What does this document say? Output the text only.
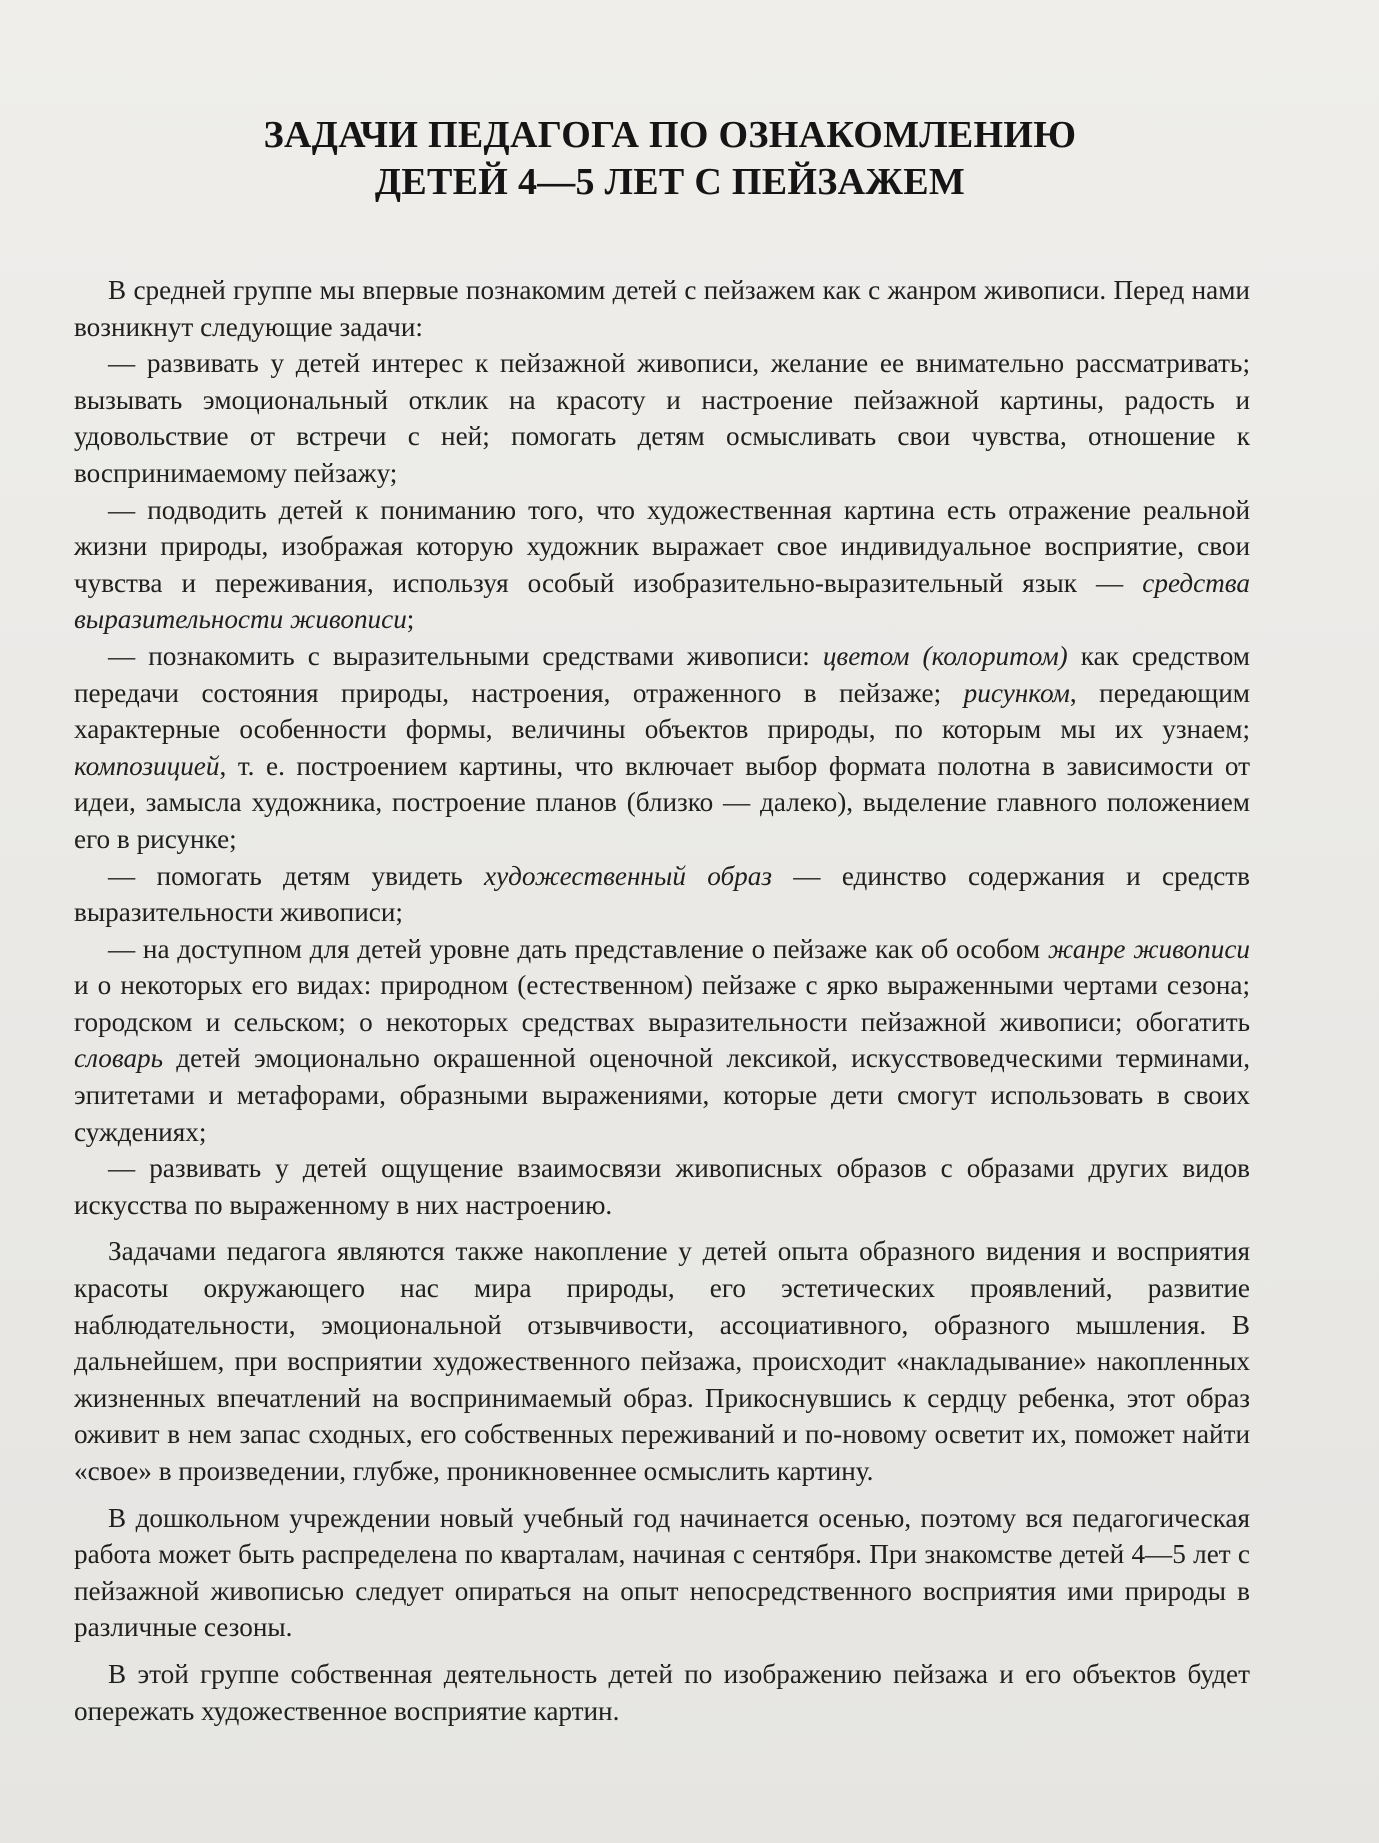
ЗАДАЧИ ПЕДАГОГА ПО ОЗНАКОМЛЕНИЮ
ДЕТЕЙ 4—5 ЛЕТ С ПЕЙЗАЖЕМ

В средней группе мы впервые познакомим детей с пейзажем как с жанром живописи. Перед нами возникнут следующие задачи:

— развивать у детей интерес к пейзажной живописи, желание ее внимательно рассматривать; вызывать эмоциональный отклик на красоту и настроение пейзажной картины, радость и удовольствие от встречи с ней; помогать детям осмысливать свои чувства, отношение к воспринимаемому пейзажу;

— подводить детей к пониманию того, что художественная картина есть отражение реальной жизни природы, изображая которую художник выражает свое индивидуальное восприятие, свои чувства и переживания, используя особый изобразительно-выразительный язык — средства выразительности живописи;

— познакомить с выразительными средствами живописи: цветом (колоритом) как средством передачи состояния природы, настроения, отраженного в пейзаже; рисунком, передающим характерные особенности формы, величины объектов природы, по которым мы их узнаем; композицией, т. е. построением картины, что включает выбор формата полотна в зависимости от идеи, замысла художника, построение планов (близко — далеко), выделение главного положением его в рисунке;

— помогать детям увидеть художественный образ — единство содержания и средств выразительности живописи;

— на доступном для детей уровне дать представление о пейзаже как об особом жанре живописи и о некоторых его видах: природном (естественном) пейзаже с ярко выраженными чертами сезона; городском и сельском; о некоторых средствах выразительности пейзажной живописи; обогатить словарь детей эмоционально окрашенной оценочной лексикой, искусствоведческими терминами, эпитетами и метафорами, образными выражениями, которые дети смогут использовать в своих суждениях;

— развивать у детей ощущение взаимосвязи живописных образов с образами других видов искусства по выраженному в них настроению.

Задачами педагога являются также накопление у детей опыта образного видения и восприятия красоты окружающего нас мира природы, его эстетических проявлений, развитие наблюдательности, эмоциональной отзывчивости, ассоциативного, образного мышления. В дальнейшем, при восприятии художественного пейзажа, происходит «накладывание» накопленных жизненных впечатлений на воспринимаемый образ. Прикоснувшись к сердцу ребенка, этот образ оживит в нем запас сходных, его собственных переживаний и по-новому осветит их, поможет найти «свое» в произведении, глубже, проникновеннее осмыслить картину.

В дошкольном учреждении новый учебный год начинается осенью, поэтому вся педагогическая работа может быть распределена по кварталам, начиная с сентября. При знакомстве детей 4—5 лет с пейзажной живописью следует опираться на опыт непосредственного восприятия ими природы в различные сезоны.

В этой группе собственная деятельность детей по изображению пейзажа и его объектов будет опережать художественное восприятие картин.
